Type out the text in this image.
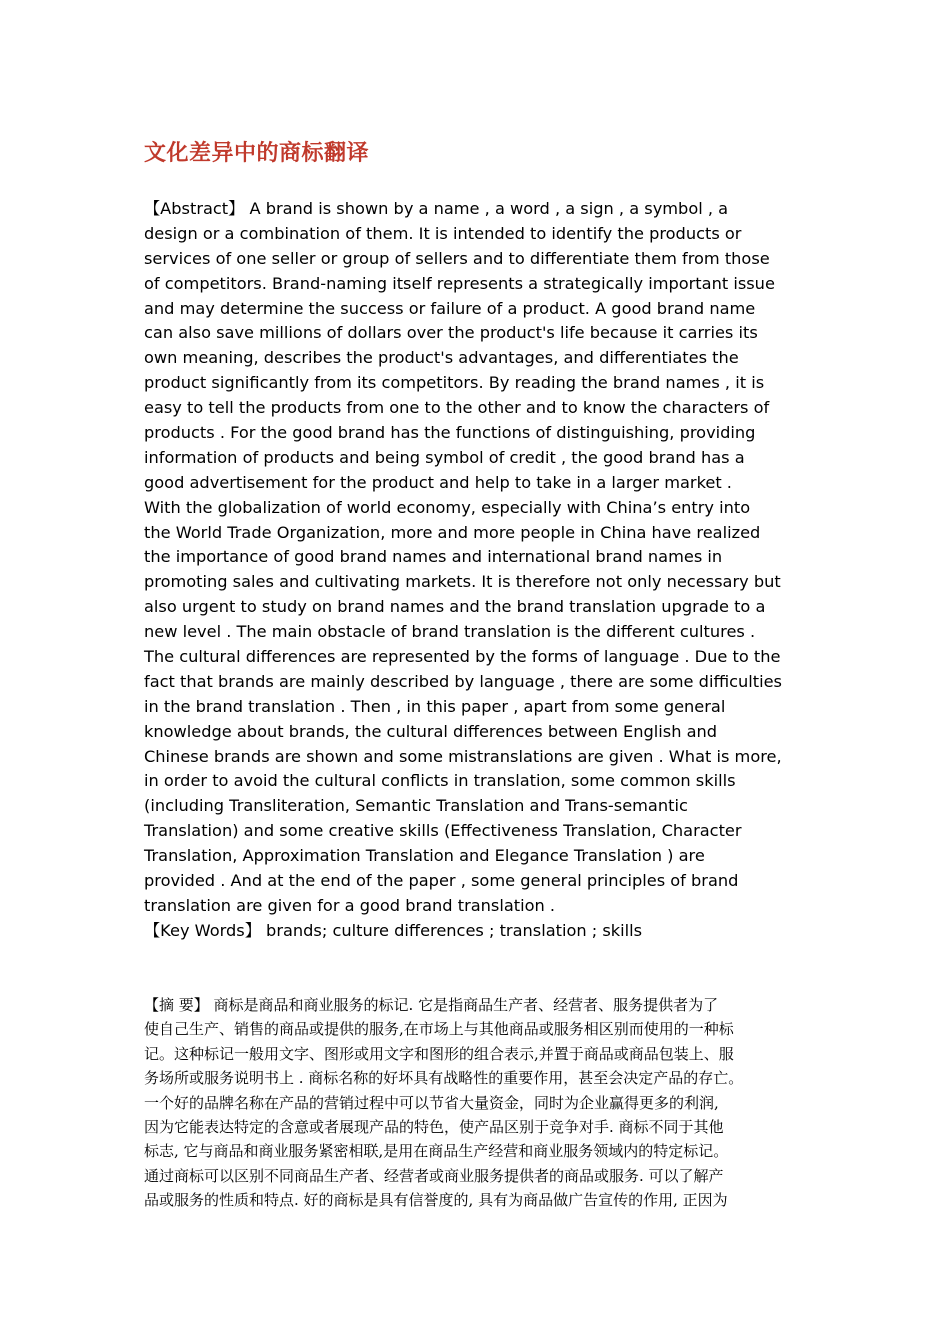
文化差异中的商标翻译
【Abstract】 A brand is shown by a name , a word , a sign , a symbol , a
design or a combination of them. It is intended to identify the products or
services of one seller or group of sellers and to differentiate them from those
of competitors. Brand-naming itself represents a strategically important issue
and may determine the success or failure of a product. A good brand name
can also save millions of dollars over the product's life because it carries its
own meaning, describes the product's advantages, and differentiates the
product significantly from its competitors. By reading the brand names , it is
easy to tell the products from one to the other and to know the characters of
products . For the good brand has the functions of distinguishing, providing
information of products and being symbol of credit , the good brand has a
good advertisement for the product and help to take in a larger market .
With the globalization of world economy, especially with China’s entry into
the World Trade Organization, more and more people in China have realized
the importance of good brand names and international brand names in
promoting sales and cultivating markets. It is therefore not only necessary but
also urgent to study on brand names and the brand translation upgrade to a
new level . The main obstacle of brand translation is the different cultures .
The cultural differences are represented by the forms of language . Due to the
fact that brands are mainly described by language , there are some difficulties
in the brand translation . Then , in this paper , apart from some general
knowledge about brands, the cultural differences between English and
Chinese brands are shown and some mistranslations are given . What is more,
in order to avoid the cultural conflicts in translation, some common skills
(including Transliteration, Semantic Translation and Trans-semantic
Translation) and some creative skills (Effectiveness Translation, Character
Translation, Approximation Translation and Elegance Translation ) are
provided . And at the end of the paper , some general principles of brand
translation are given for a good brand translation .
【Key Words】 brands; culture differences ; translation ; skills
【摘 要】 商标是商品和商业服务的标记. 它是指商品生产者、经营者、服务提供者为了
使自己生产、销售的商品或提供的服务,在市场上与其他商品或服务相区别而使用的一种标
记。这种标记一般用文字、图形或用文字和图形的组合表示,并置于商品或商品包装上、服
务场所或服务说明书上 . 商标名称的好坏具有战略性的重要作用，甚至会决定产品的存亡。
一个好的品牌名称在产品的营销过程中可以节省大量资金，同时为企业赢得更多的利润,
因为它能表达特定的含意或者展现产品的特色，使产品区别于竞争对手. 商标不同于其他
标志, 它与商品和商业服务紧密相联,是用在商品生产经营和商业服务领域内的特定标记。
通过商标可以区别不同商品生产者、经营者或商业服务提供者的商品或服务. 可以了解产
品或服务的性质和特点. 好的商标是具有信誉度的, 具有为商品做广告宣传的作用, 正因为
